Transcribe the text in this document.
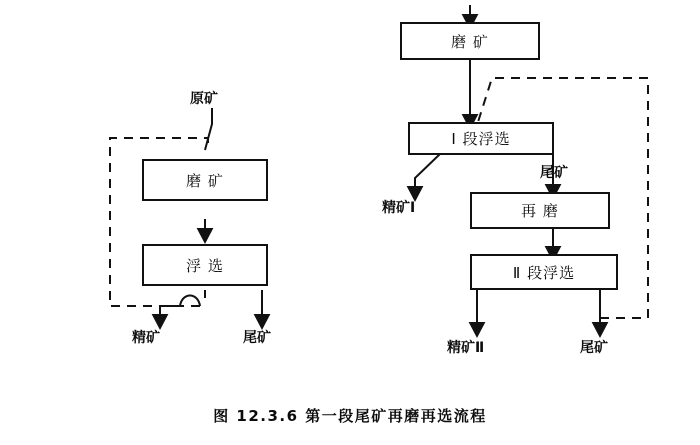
磨 矿
浮 选
原矿
精矿	尾矿
磨 矿
Ⅰ 段浮选
再 磨
Ⅱ 段浮选
精矿Ⅰ
尾矿
精矿Ⅱ	尾矿
图 12.3.6 第一段尾矿再磨再选流程
